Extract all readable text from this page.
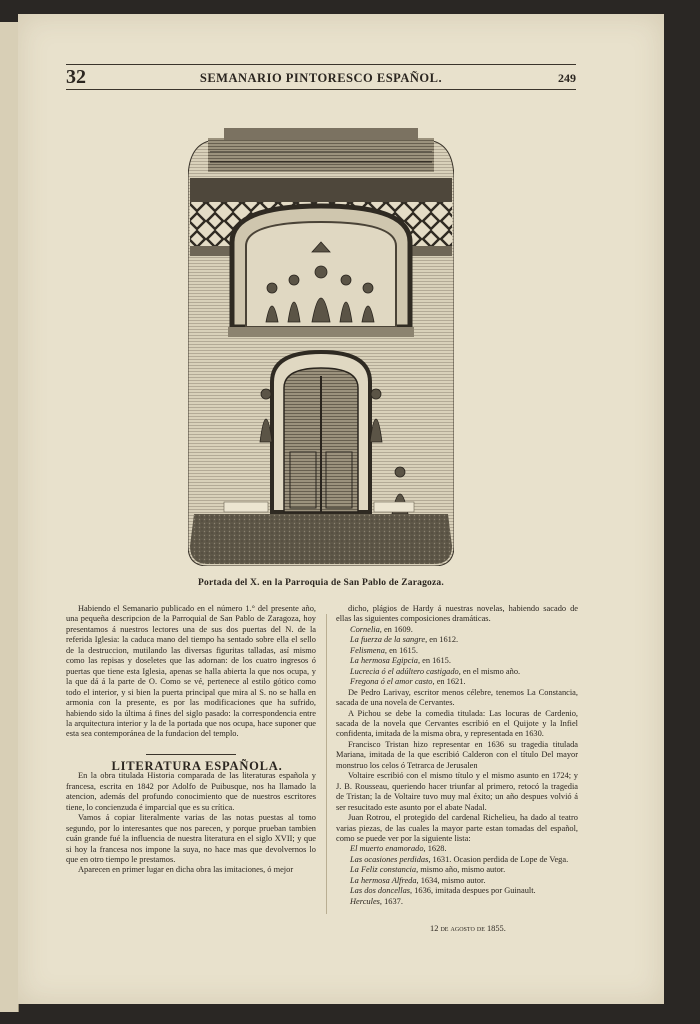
32	SEMANARIO PINTORESCO ESPAÑOL.	249
Portada del X. en la Parroquia de San Pablo de Zaragoza.

Habiendo el Semanario publicado en el número 1.° del presente año, una pequeña descripcion de la Parroquial de San Pablo de Zaragoza, hoy presentamos á nuestros lectores una de sus dos puertas del N. de la referida Iglesia: la caduca mano del tiempo ha sentado sobre ella el sello de la destruccion, mutilando las diversas figuritas talladas, así mismo como las repisas y doseletes que las adornan: de los cuatro ingresos ó puertas que tiene esta Iglesia, apenas se halla abierta la que nos ocupa, y la que dá á la parte de O. Como se vé, pertenece al estilo gótico como todo el interior, y si bien la puerta principal que mira al S. no se halla en armonia con la presente, es por las modificaciones que ha sufrido, habiendo sido la última á fines del siglo pasado: la correspondencia entre la arquitectura interior y la de la portada que nos ocupa, hace suponer que esta sea contemporánea de la fundacion del templo.

LITERATURA ESPAÑOLA.

En la obra titulada Historia comparada de las literaturas española y francesa, escrita en 1842 por Adolfo de Puibusque, nos ha llamado la atencion, además del profundo conocimiento que de nuestros escritores tiene, lo concienzuda é imparcial que es su crítica.

Vamos á copiar literalmente varias de las notas puestas al tomo segundo, por lo interesantes que nos parecen, y porque prueban tambien cuán grande fué la influencia de nuestra literatura en el siglo XVII; y que si hoy la francesa nos impone la suya, no hace mas que devolvernos lo que en otro tiempo le prestamos.

Aparecen en primer lugar en dicha obra las imitaciones, ó mejor

dicho, plágios de Hardy á nuestras novelas, habiendo sacado de ellas las siguientes composiciones dramáticas.

Cornelia, en 1609.
La fuerza de la sangre, en 1612.
Felismena, en 1615.
La hermosa Egipcia, en 1615.
Lucrecia ó el adúltero castigado, en el mismo año.
Fregona ó el amor casto, en 1621.

De Pedro Larivay, escritor menos célebre, tenemos La Constancia, sacada de una novela de Cervantes.

A Pichou se debe la comedia titulada: Las locuras de Cardenio, sacada de la novela que Cervantes escribió en el Quijote y la Infiel confidenta, imitada de la misma obra, y representada en 1630.

Francisco Tristan hizo representar en 1636 su tragedia titulada Mariana, imitada de la que escribió Calderon con el título Del mayor monstruo los celos ó Tetrarca de Jerusalen

Voltaire escribió con el mismo título y el mismo asunto en 1724; y J. B. Rousseau, queriendo hacer triunfar al primero, retocó la tragedia de Tristan; la de Voltaire tuvo muy mal éxito; un año despues volvió á ser resucitado este asunto por el abate Nadal.

Juan Rotrou, el protegido del cardenal Richelieu, ha dado al teatro varias piezas, de las cuales la mayor parte estan tomadas del español, como se puede ver por la siguiente lista:

El muerto enamorado, 1628.
Las ocasiones perdidas, 1631. Ocasion perdida de Lope de Vega.
La Feliz constancia, mismo año, mismo autor.
La hermosa Alfreda, 1634, mismo autor.
Las dos doncellas, 1636, imitada despues por Guinault.
Hercules, 1637.
12 de agosto de 1855.
